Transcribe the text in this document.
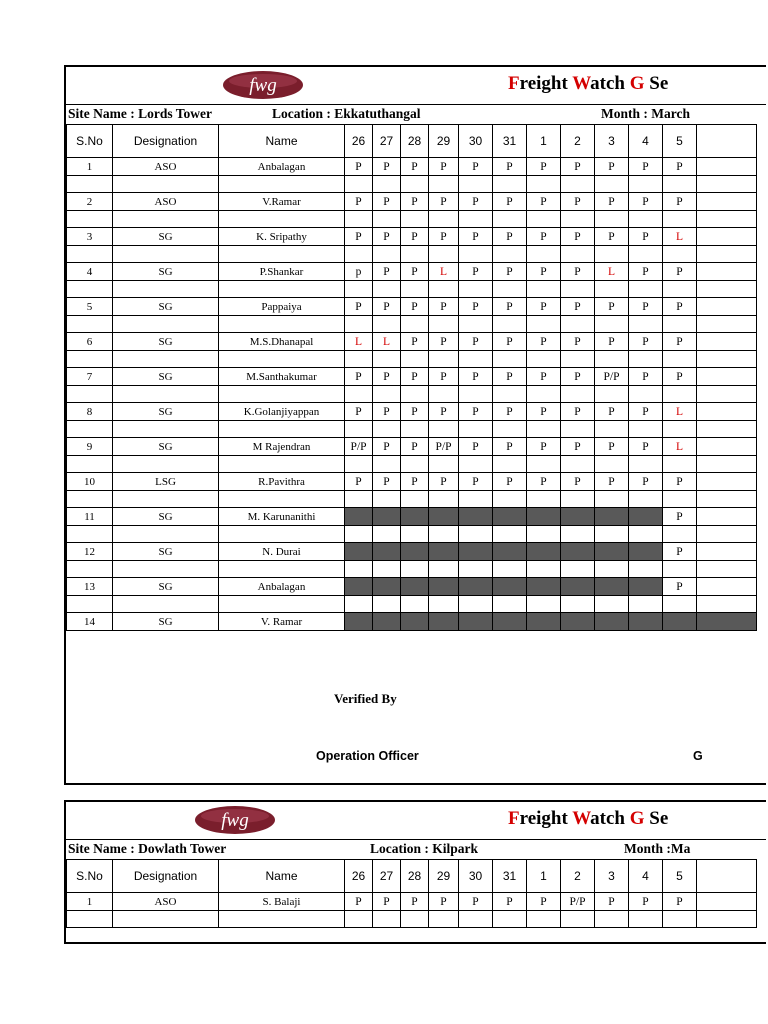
fwg	Freight Watch G Se
Site Name : Lords Tower	Location : Ekkatuthangal	Month : March
S.No	Designation	Name	26	27	28	29	30	31	1	2	3	4	5	
1	ASO	Anbalagan	P	P	P	P	P	P	P	P	P	P	P	

2	ASO	V.Ramar	P	P	P	P	P	P	P	P	P	P	P	

3	SG	K. Sripathy	P	P	P	P	P	P	P	P	P	P	L	

4	SG	P.Shankar	p	P	P	L	P	P	P	P	L	P	P	

5	SG	Pappaiya	P	P	P	P	P	P	P	P	P	P	P	

6	SG	M.S.Dhanapal	L	L	P	P	P	P	P	P	P	P	P	

7	SG	M.Santhakumar	P	P	P	P	P	P	P	P	P/P	P	P	

8	SG	K.Golanjiyappan	P	P	P	P	P	P	P	P	P	P	L	

9	SG	M Rajendran	P/P	P	P	P/P	P	P	P	P	P	P	L	

10	LSG	R.Pavithra	P	P	P	P	P	P	P	P	P	P	P	

11	SG	M. Karunanithi											P	

12	SG	N. Durai											P	

13	SG	Anbalagan											P	

14	SG	V. Ramar												
Verified By
Operation Officer	G
fwg	Freight Watch G Se
Site Name : Dowlath Tower	Location : Kilpark	Month :Ma
S.No	Designation	Name	26	27	28	29	30	31	1	2	3	4	5	
1	ASO	S. Balaji	P	P	P	P	P	P	P	P/P	P	P	P	
